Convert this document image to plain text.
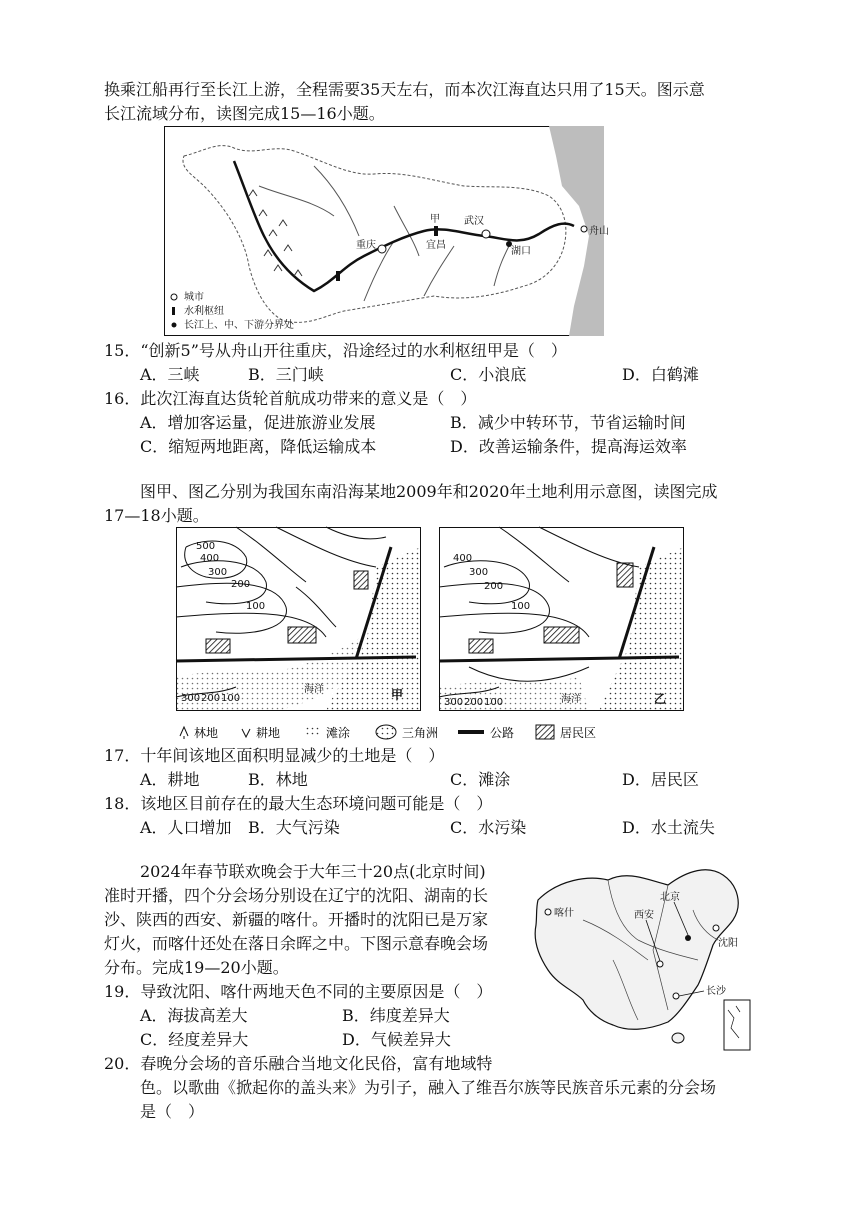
换乘江船再行至长江上游，全程需要35天左右，而本次江海直达只用了15天。图示意
长江流域分布，读图完成15—16小题。
甲 武汉
重庆	宜昌
湖口
舟山
城市
水利枢纽
长江上、中、下游分界处
15．“创新5”号从舟山开往重庆，沿途经过的水利枢纽甲是（　）
A．三峡	B．三门峡	C．小浪底	D．白鹤滩
16．此次江海直达货轮首航成功带来的意义是（　）
A．增加客运量，促进旅游业发展	B．减少中转环节，节省运输时间
C．缩短两地距离，降低运输成本	D．改善运输条件，提高海运效率
图甲、图乙分别为我国东南沿海某地2009年和2020年土地利用示意图，读图完成
17—18小题。
500
400
300
200
100
300 200 100
海洋	甲
400
300
200
100
300 200 100	海洋	乙
林地	耕地	滩涂	三角洲	公路	居民区
17．十年间该地区面积明显减少的土地是（　）
A．耕地	B．林地	C．滩涂	D．居民区
18．该地区目前存在的最大生态环境问题可能是（　）
A．人口增加 B．大气污染	C．水污染	D．水土流失
2024年春节联欢晚会于大年三十20点(北京时间)
准时开播，四个分会场分别设在辽宁的沈阳、湖南的长
沙、陕西的西安、新疆的喀什。开播时的沈阳已是万家
灯火，而喀什还处在落日余晖之中。下图示意春晚会场
分布。完成19—20小题。
喀什	西安
北京
沈阳
长沙
19．导致沈阳、喀什两地天色不同的主要原因是（　）
A．海拔高差大	B．纬度差异大
C．经度差异大	D．气候差异大
20．春晚分会场的音乐融合当地文化民俗，富有地域特
色。以歌曲《掀起你的盖头来》为引子，融入了维吾尔族等民族音乐元素的分会场
是（　）
